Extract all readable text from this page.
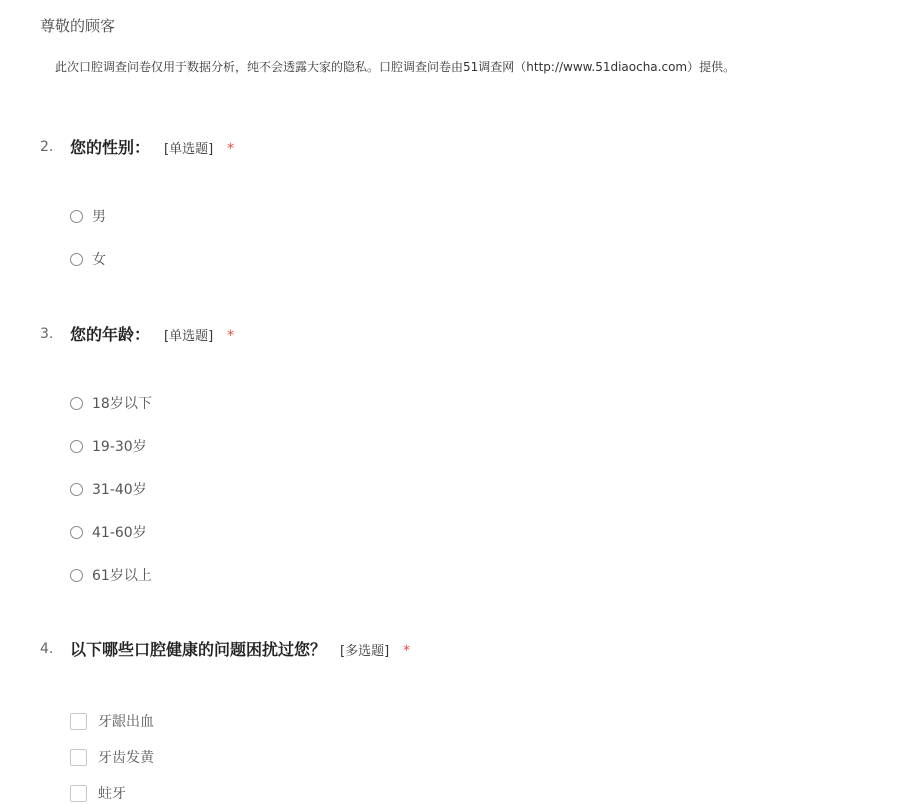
尊敬的顾客

此次口腔调查问卷仅用于数据分析，纯不会透露大家的隐私。口腔调查问卷由51调查网（http://www.51diaocha.com）提供。

2. 您的性别： [单选题] *
男
女
3. 您的年龄： [单选题] *
18岁以下
19-30岁
31-40岁
41-60岁
61岁以上
4. 以下哪些口腔健康的问题困扰过您？ [多选题] *
牙龈出血
牙齿发黄
蛀牙
